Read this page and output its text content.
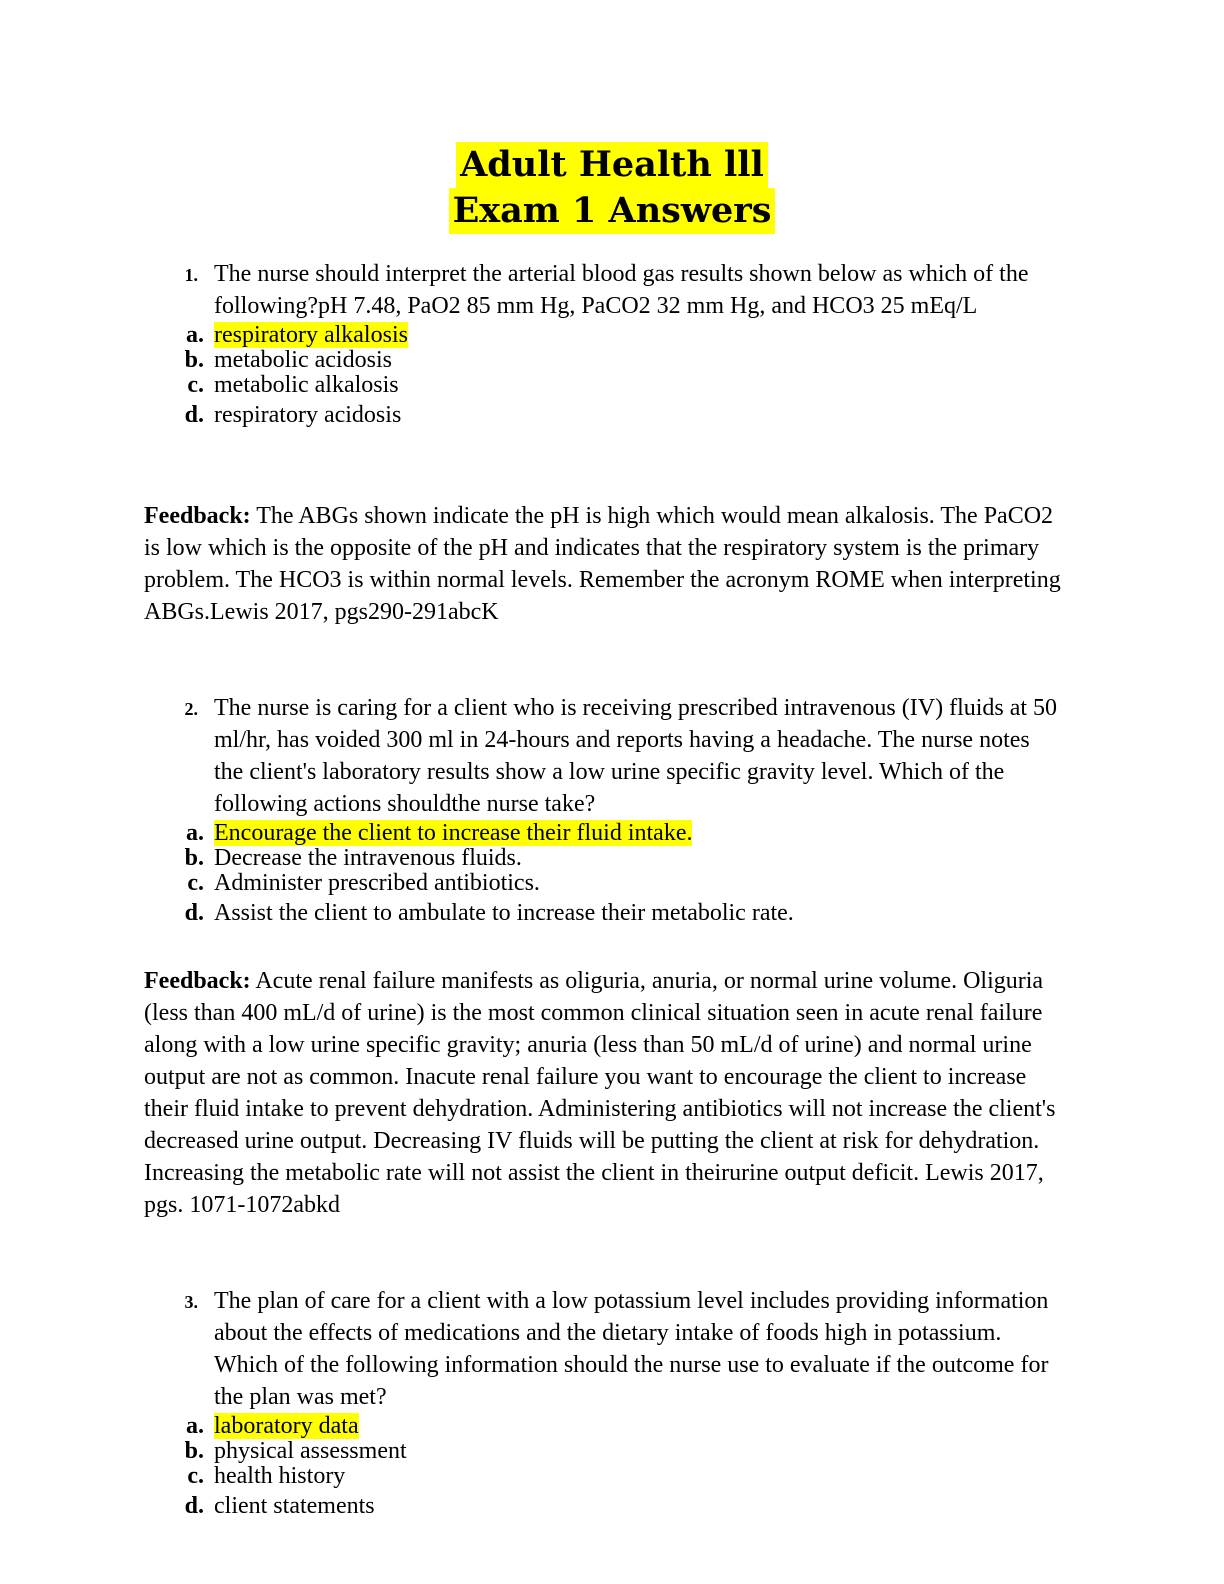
Adult Health lll
Exam 1 Answers
1. The nurse should interpret the arterial blood gas results shown below as which of the following?pH 7.48, PaO2 85 mm Hg, PaCO2 32 mm Hg, and HCO3 25 mEq/L
a. respiratory alkalosis
b. metabolic acidosis
c. metabolic alkalosis
d. respiratory acidosis
Feedback: The ABGs shown indicate the pH is high which would mean alkalosis. The PaCO2 is low which is the opposite of the pH and indicates that the respiratory system is the primary problem. The HCO3 is within normal levels. Remember the acronym ROME when interpreting ABGs.Lewis 2017, pgs290-291abcK
2. The nurse is caring for a client who is receiving prescribed intravenous (IV) fluids at 50 ml/hr, has voided 300 ml in 24-hours and reports having a headache. The nurse notes the client's laboratory results show a low urine specific gravity level. Which of the following actions shouldthe nurse take?
a. Encourage the client to increase their fluid intake.
b. Decrease the intravenous fluids.
c. Administer prescribed antibiotics.
d. Assist the client to ambulate to increase their metabolic rate.
Feedback: Acute renal failure manifests as oliguria, anuria, or normal urine volume. Oliguria (less than 400 mL/d of urine) is the most common clinical situation seen in acute renal failure along with a low urine specific gravity; anuria (less than 50 mL/d of urine) and normal urine output are not as common. Inacute renal failure you want to encourage the client to increase their fluid intake to prevent dehydration. Administering antibiotics will not increase the client's decreased urine output. Decreasing IV fluids will be putting the client at risk for dehydration. Increasing the metabolic rate will not assist the client in theirurine output deficit. Lewis 2017, pgs. 1071-1072abkd
3. The plan of care for a client with a low potassium level includes providing information about the effects of medications and the dietary intake of foods high in potassium. Which of the following information should the nurse use to evaluate if the outcome for the plan was met?
a. laboratory data
b. physical assessment
c. health history
d. client statements
